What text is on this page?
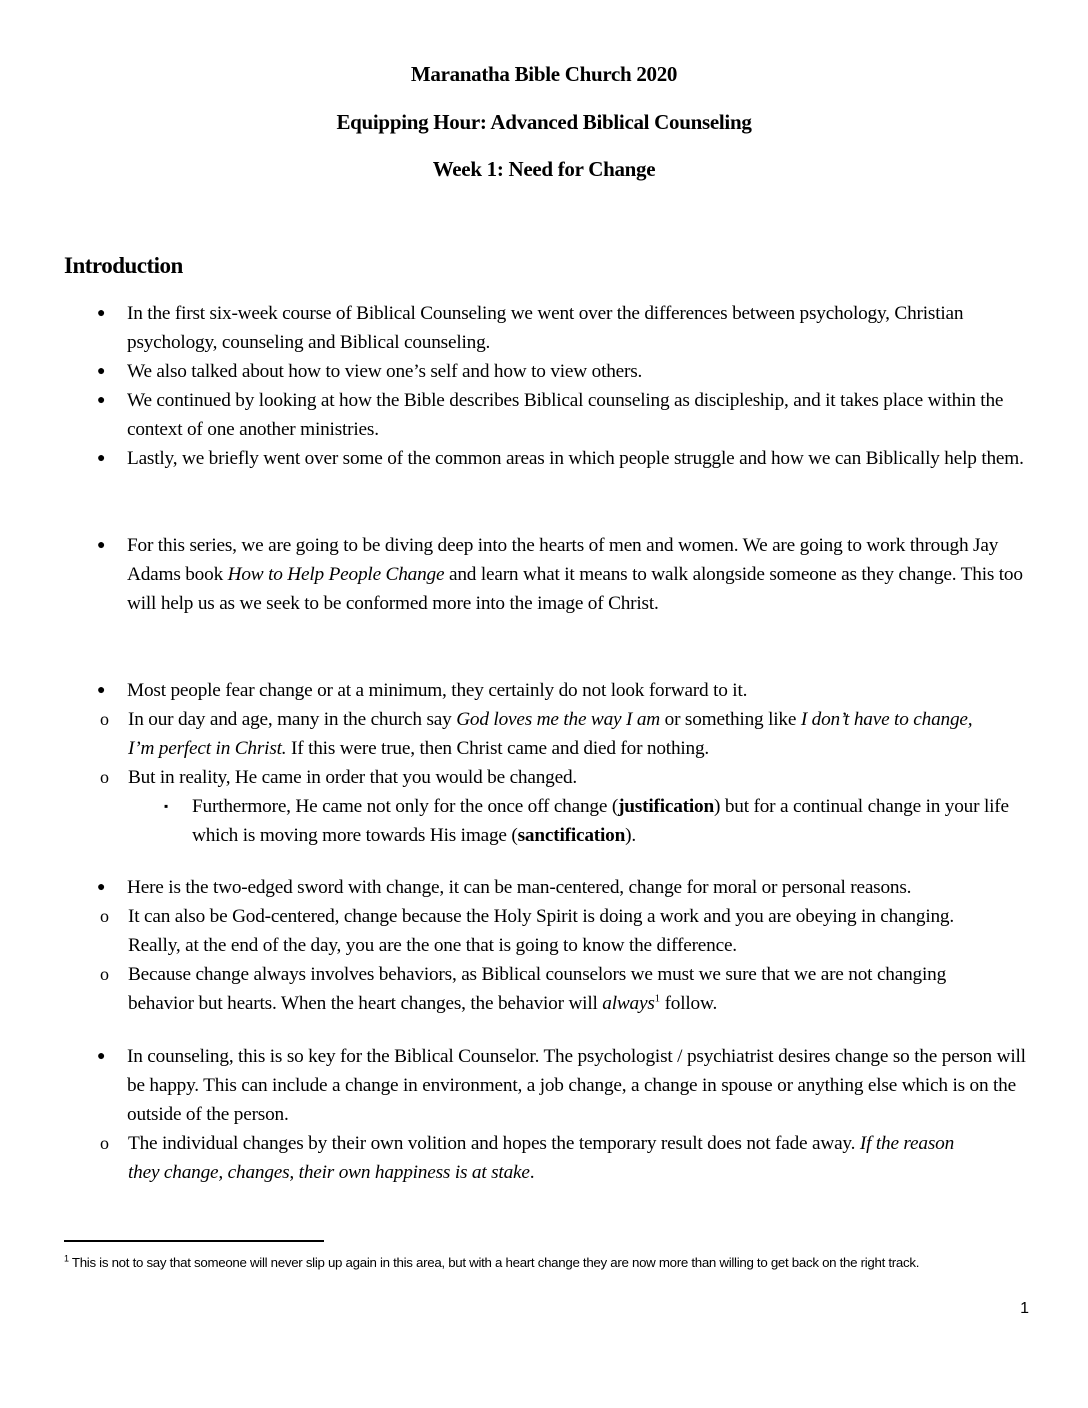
Maranatha Bible Church 2020
Equipping Hour: Advanced Biblical Counseling
Week 1: Need for Change
Introduction
● In the first six-week course of Biblical Counseling we went over the differences between psychology, Christian psychology, counseling and Biblical counseling.
● We also talked about how to view one’s self and how to view others.
● We continued by looking at how the Bible describes Biblical counseling as discipleship, and it takes place within the context of one another ministries.
● Lastly, we briefly went over some of the common areas in which people struggle and how we can Biblically help them.
● For this series, we are going to be diving deep into the hearts of men and women. We are going to work through Jay Adams book How to Help People Change and learn what it means to walk alongside someone as they change. This too will help us as we seek to be conformed more into the image of Christ.
● Most people fear change or at a minimum, they certainly do not look forward to it.
o In our day and age, many in the church say God loves me the way I am or something like I don’t have to change, I’m perfect in Christ. If this were true, then Christ came and died for nothing.
o But in reality, He came in order that you would be changed.
▪ Furthermore, He came not only for the once off change (justification) but for a continual change in your life which is moving more towards His image (sanctification).
● Here is the two-edged sword with change, it can be man-centered, change for moral or personal reasons.
o It can also be God-centered, change because the Holy Spirit is doing a work and you are obeying in changing. Really, at the end of the day, you are the one that is going to know the difference.
o Because change always involves behaviors, as Biblical counselors we must we sure that we are not changing behavior but hearts. When the heart changes, the behavior will always$^1$ follow.
● In counseling, this is so key for the Biblical Counselor. The psychologist / psychiatrist desires change so the person will be happy. This can include a change in environment, a job change, a change in spouse or anything else which is on the outside of the person.
o The individual changes by their own volition and hopes the temporary result does not fade away. If the reason they change, changes, their own happiness is at stake.
$^1$ This is not to say that someone will never slip up again in this area, but with a heart change they are now more than willing to get back on the right track.
1
